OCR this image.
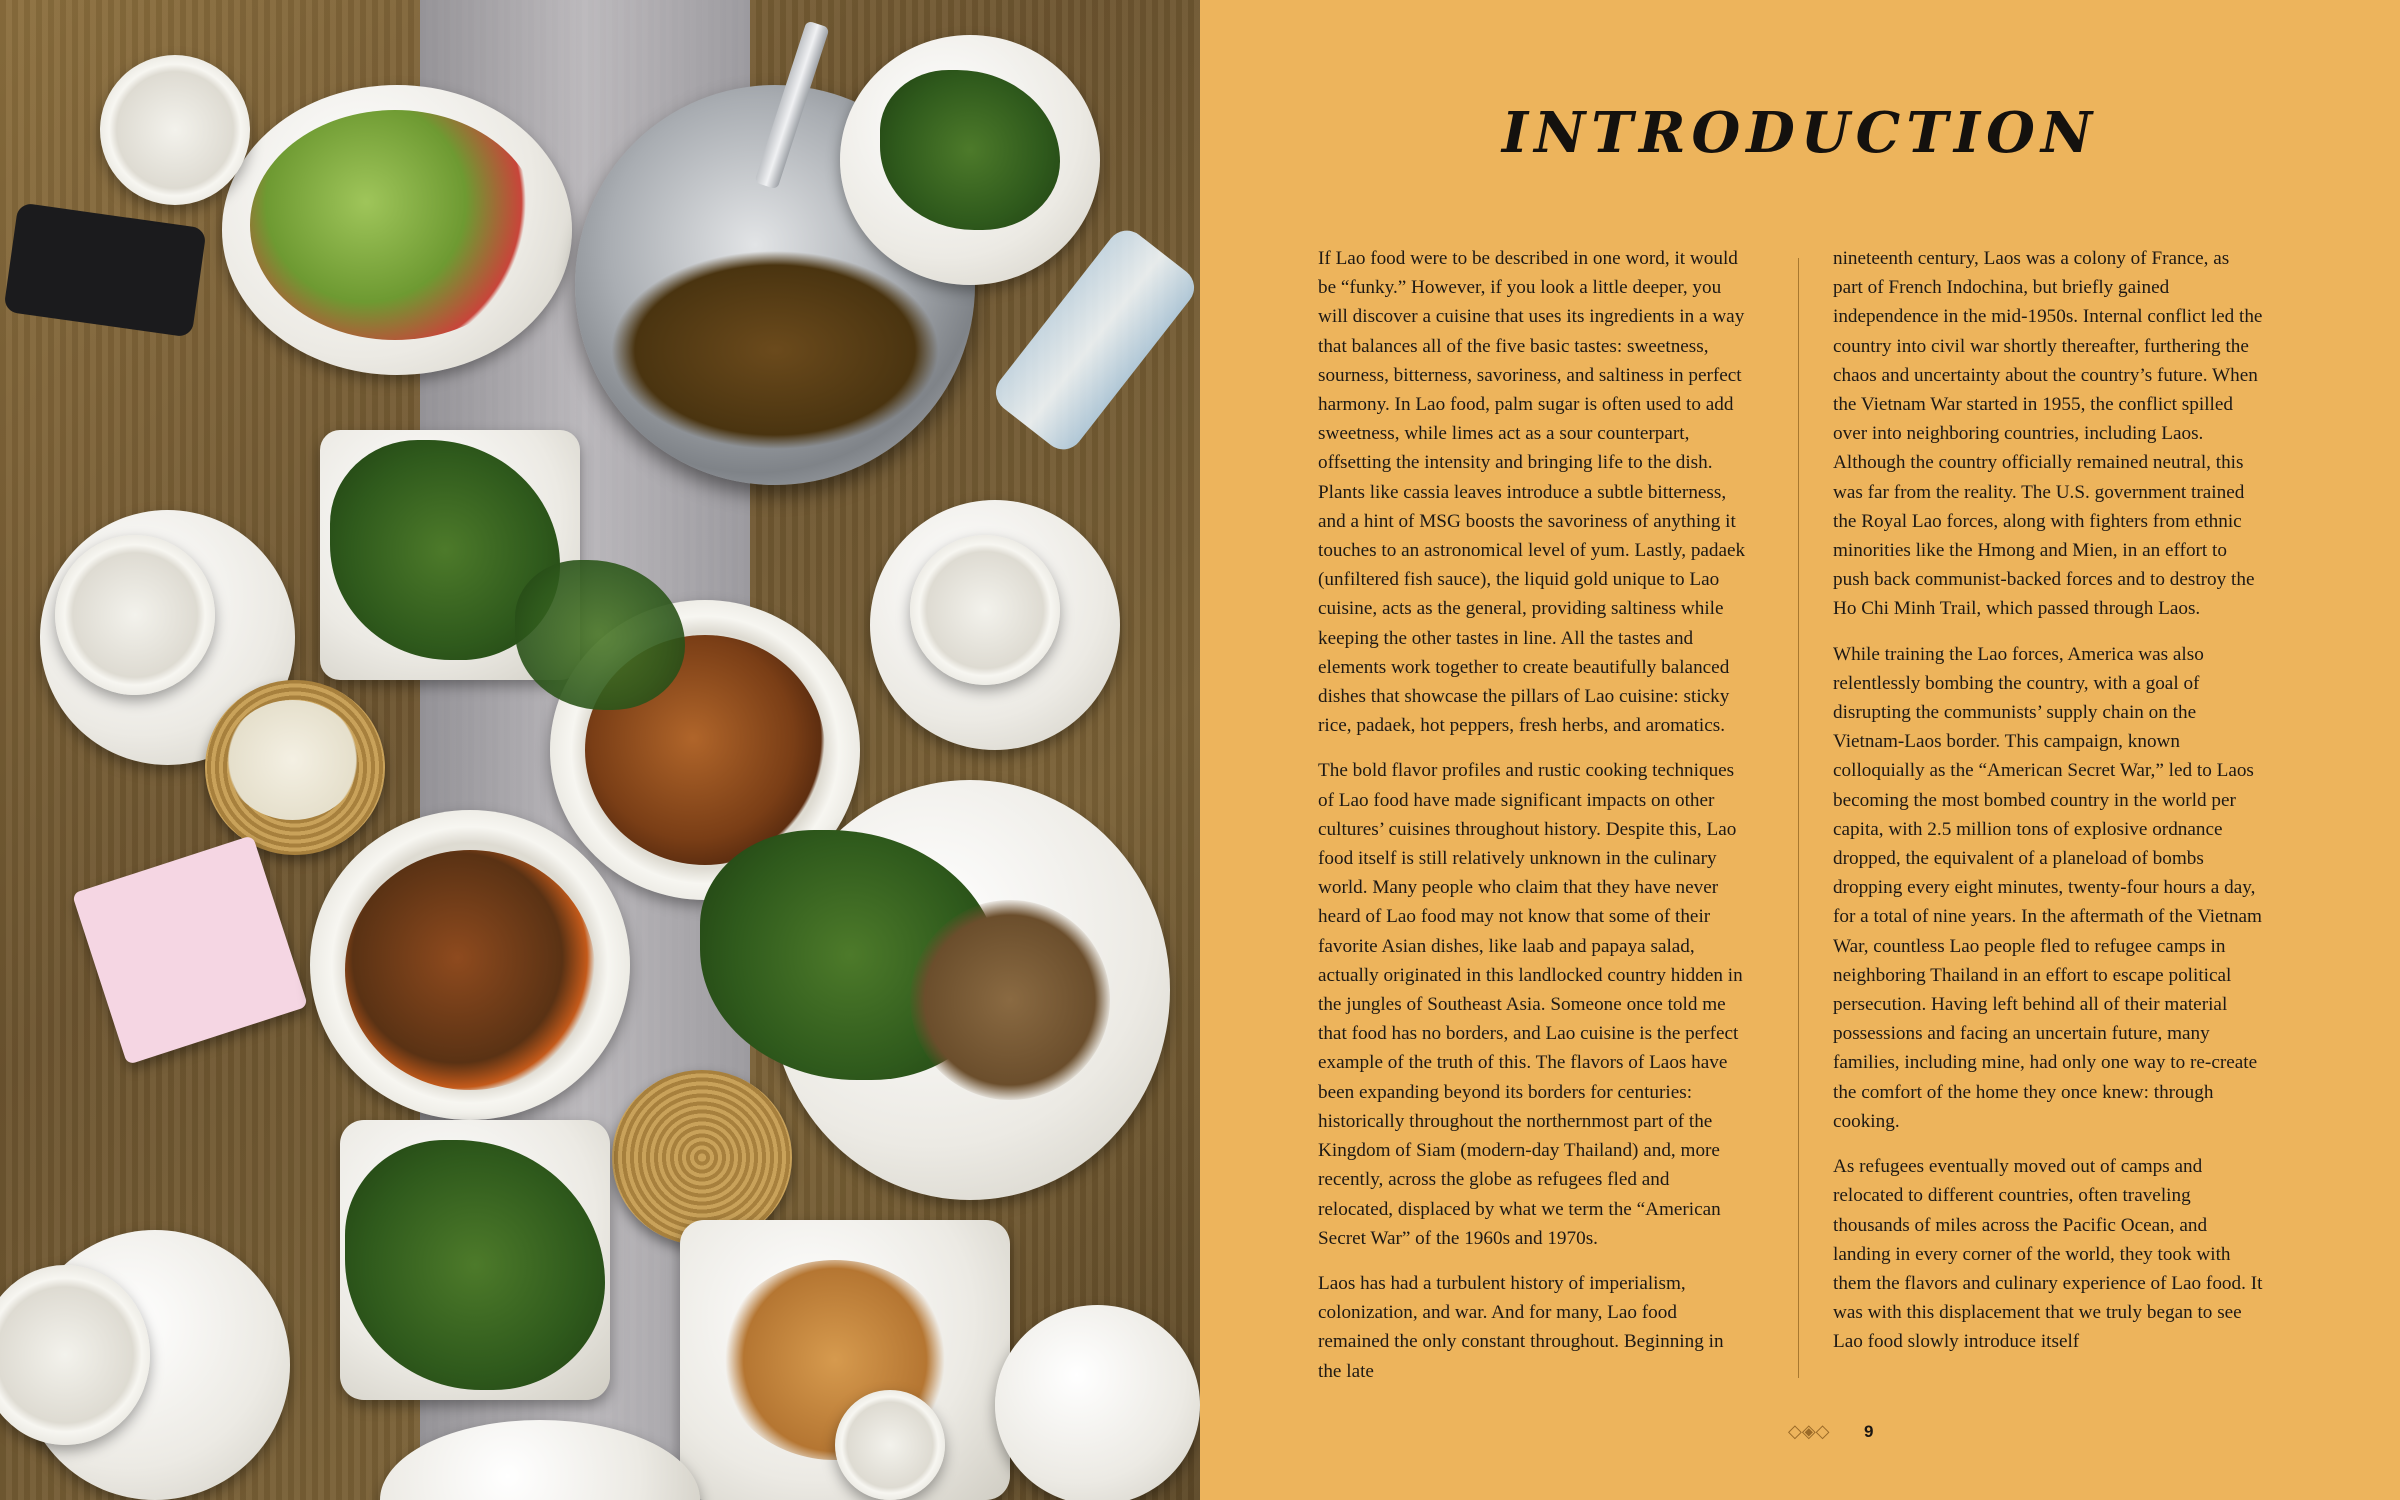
INTRODUCTION

If Lao food were to be described in one word, it would be “funky.” However, if you look a little deeper, you will discover a cuisine that uses its ingredients in a way that balances all of the five basic tastes: sweetness, sourness, bitterness, savoriness, and saltiness in perfect harmony. In Lao food, palm sugar is often used to add sweetness, while limes act as a sour counterpart, offsetting the intensity and bringing life to the dish. Plants like cassia leaves introduce a subtle bitterness, and a hint of MSG boosts the savoriness of anything it touches to an astronomical level of yum. Lastly, padaek (unfiltered fish sauce), the liquid gold unique to Lao cuisine, acts as the general, providing saltiness while keeping the other tastes in line. All the tastes and elements work together to create beautifully balanced dishes that showcase the pillars of Lao cuisine: sticky rice, padaek, hot peppers, fresh herbs, and aromatics.

The bold flavor profiles and rustic cooking techniques of Lao food have made significant impacts on other cultures’ cuisines throughout history. Despite this, Lao food itself is still relatively unknown in the culinary world. Many people who claim that they have never heard of Lao food may not know that some of their favorite Asian dishes, like laab and papaya salad, actually originated in this landlocked country hidden in the jungles of Southeast Asia. Someone once told me that food has no borders, and Lao cuisine is the perfect example of the truth of this. The flavors of Laos have been expanding beyond its borders for centuries: historically throughout the northernmost part of the Kingdom of Siam (modern-day Thailand) and, more recently, across the globe as refugees fled and relocated, displaced by what we term the “American Secret War” of the 1960s and 1970s.

Laos has had a turbulent history of imperialism, colonization, and war. And for many, Lao food remained the only constant throughout. Beginning in the late

nineteenth century, Laos was a colony of France, as part of French Indochina, but briefly gained independence in the mid-1950s. Internal conflict led the country into civil war shortly thereafter, furthering the chaos and uncertainty about the country’s future. When the Vietnam War started in 1955, the conflict spilled over into neighboring countries, including Laos. Although the country officially remained neutral, this was far from the reality. The U.S. government trained the Royal Lao forces, along with fighters from ethnic minorities like the Hmong and Mien, in an effort to push back communist-backed forces and to destroy the Ho Chi Minh Trail, which passed through Laos.

While training the Lao forces, America was also relentlessly bombing the country, with a goal of disrupting the communists’ supply chain on the Vietnam-Laos border. This campaign, known colloquially as the “American Secret War,” led to Laos becoming the most bombed country in the world per capita, with 2.5 million tons of explosive ordnance dropped, the equivalent of a planeload of bombs dropping every eight minutes, twenty-four hours a day, for a total of nine years. In the aftermath of the Vietnam War, countless Lao people fled to refugee camps in neighboring Thailand in an effort to escape political persecution. Having left behind all of their material possessions and facing an uncertain future, many families, including mine, had only one way to re-create the comfort of the home they once knew: through cooking.

As refugees eventually moved out of camps and relocated to different countries, often traveling thousands of miles across the Pacific Ocean, and landing in every corner of the world, they took with them the flavors and culinary experience of Lao food. It was with this displacement that we truly began to see Lao food slowly introduce itself

◇◈◇ 9
